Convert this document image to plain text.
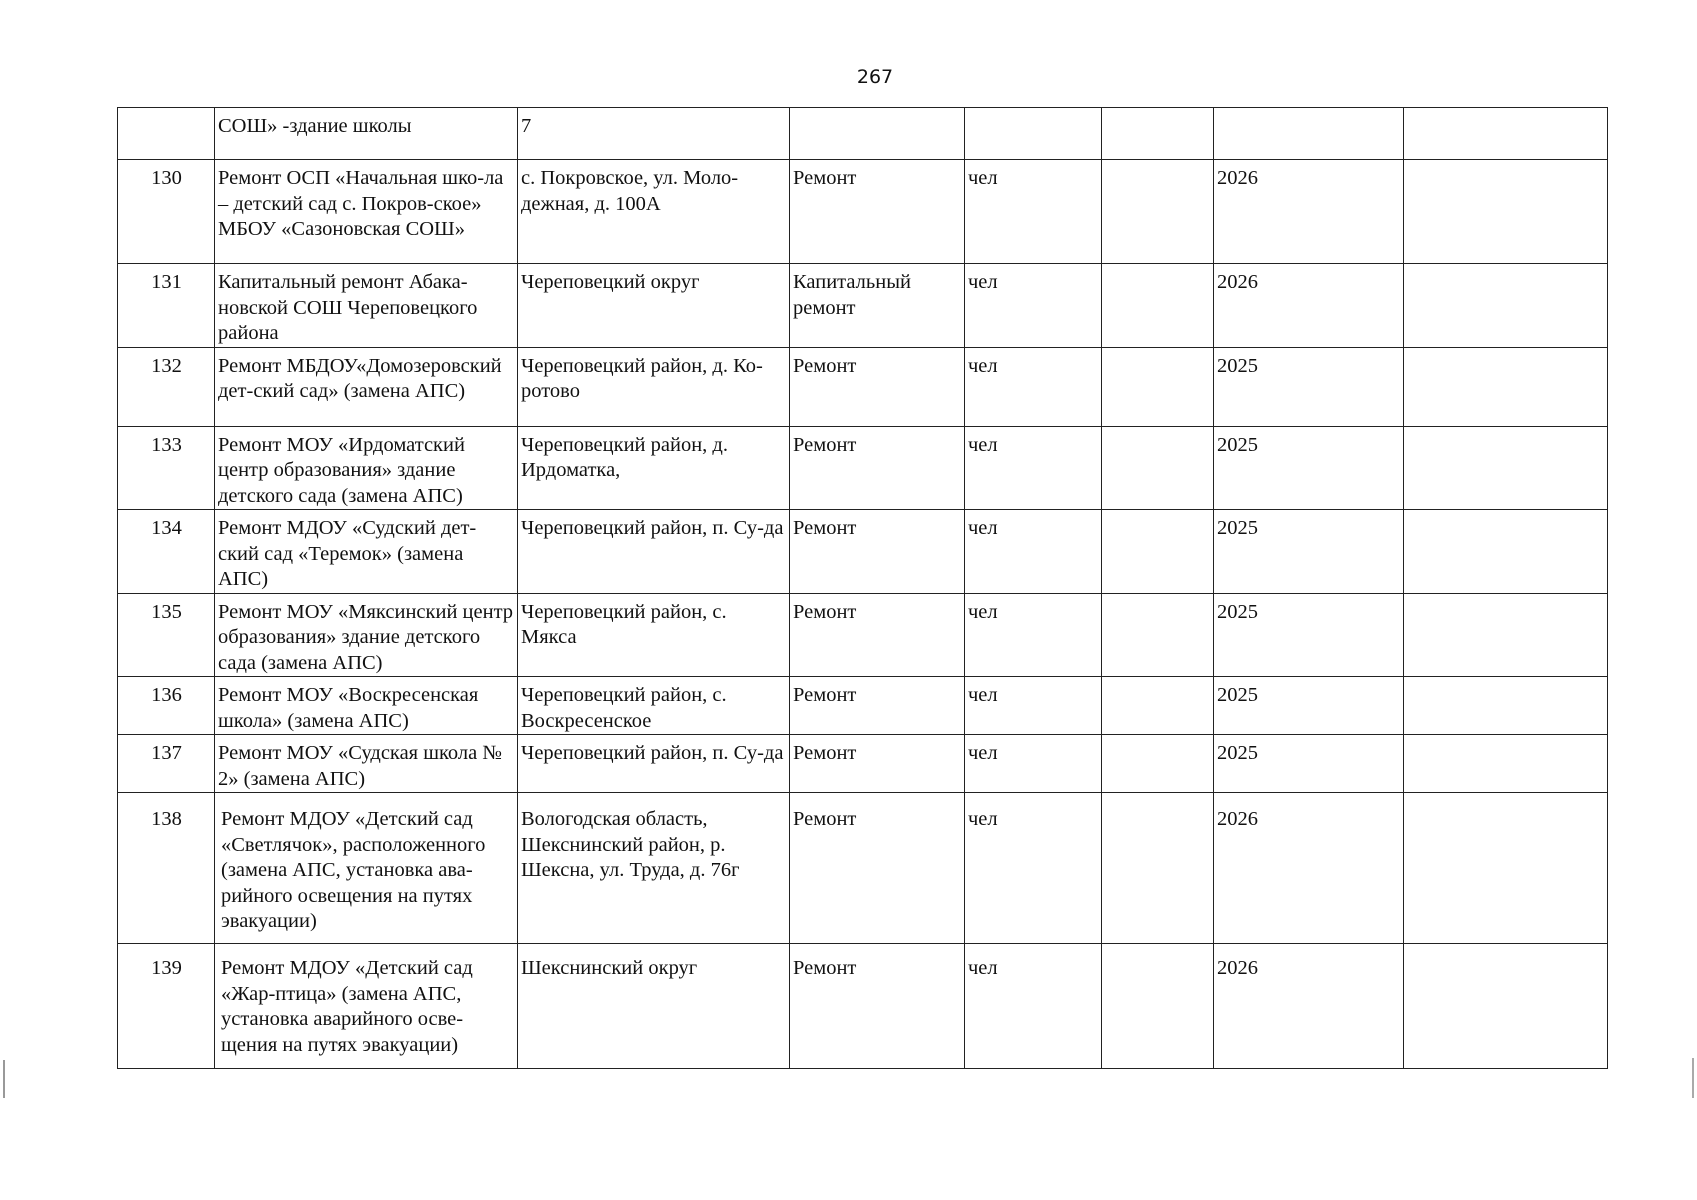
267
	СОШ» -здание школы	7					
130	Ремонт ОСП «Начальная шко-ла – детский сад с. Покров-ское» МБОУ «Сазоновская СОШ»	с. Покровское, ул. Моло-дежная, д. 100А	Ремонт	чел		2026	
131	Капитальный ремонт Абака-новской СОШ Череповецкого района	Череповецкий округ	Капитальный ремонт	чел		2026	
132	Ремонт МБДОУ«Домозеровский дет-ский сад» (замена АПС)	Череповецкий район, д. Ко-ротово	Ремонт	чел		2025	
133	Ремонт МОУ «Ирдоматский центр образования» здание детского сада (замена АПС)	Череповецкий район, д. Ирдоматка,	Ремонт	чел		2025	
134	Ремонт МДОУ «Судский дет-ский сад «Теремок» (замена АПС)	Череповецкий район, п. Су-да	Ремонт	чел		2025	
135	Ремонт МОУ «Мяксинский центр образования» здание детского сада (замена АПС)	Череповецкий район, с. Мякса	Ремонт	чел		2025	
136	Ремонт МОУ «Воскресенская школа» (замена АПС)	Череповецкий район, с. Воскресенское	Ремонт	чел		2025	
137	Ремонт МОУ «Судская школа № 2» (замена АПС)	Череповецкий район, п. Су-да	Ремонт	чел		2025	
138	Ремонт МДОУ «Детский сад «Светлячок», расположенного (замена АПС, установка ава-рийного освещения на путях эвакуации)	Вологодская область, Шекснинский район, р. Шексна, ул. Труда, д. 76г	Ремонт	чел		2026	
139	Ремонт МДОУ «Детский сад «Жар-птица» (замена АПС, установка аварийного осве-щения на путях эвакуации)	Шекснинский округ	Ремонт	чел		2026	
